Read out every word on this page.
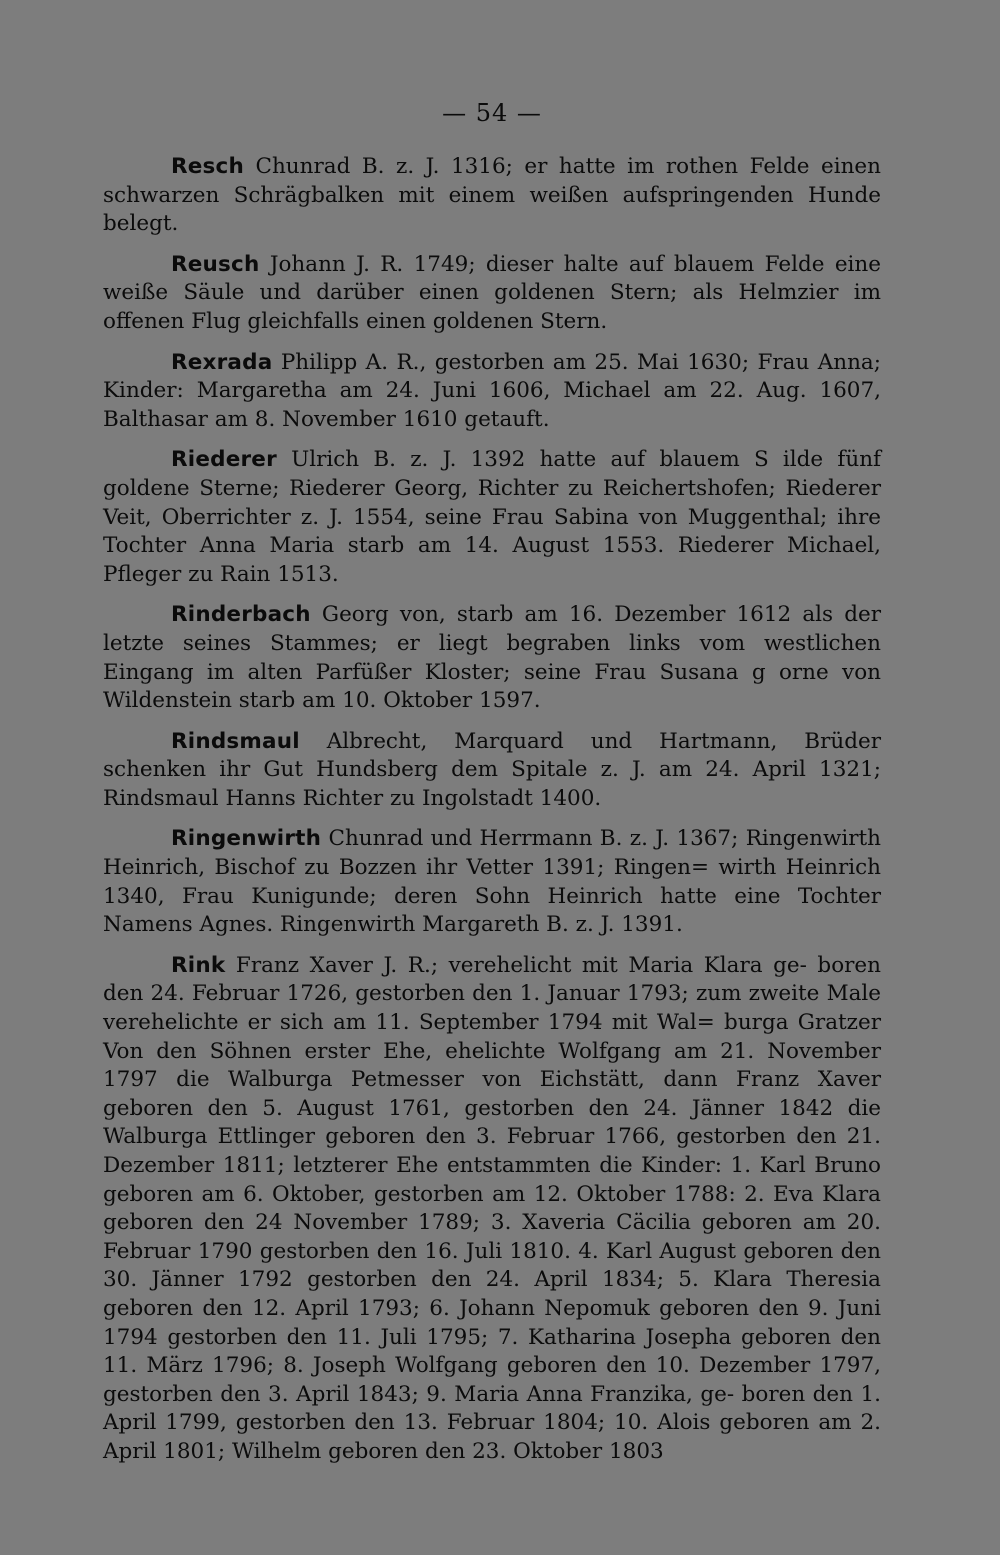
— 54 —

Resch Chunrad B. z. J. 1316; er hatte im rothen Felde einen schwarzen Schrägbalken mit einem weißen aufspringenden Hunde belegt.

Reusch Johann J. R. 1749; dieser halte auf blauem Felde eine weiße Säule und darüber einen goldenen Stern; als Helmzier im offenen Flug gleichfalls einen goldenen Stern.

Rexrada Philipp A. R., gestorben am 25. Mai 1630; Frau Anna; Kinder: Margaretha am 24. Juni 1606, Michael am 22. Aug. 1607, Balthasar am 8. November 1610 getauft.

Riederer Ulrich B. z. J. 1392 hatte auf blauem S ilde fünf goldene Sterne; Riederer Georg, Richter zu Reichertshofen; Riederer Veit, Oberrichter z. J. 1554, seine Frau Sabina von Muggenthal; ihre Tochter Anna Maria starb am 14. August 1553. Riederer Michael, Pfleger zu Rain 1513.

Rinderbach Georg von, starb am 16. Dezember 1612 als der letzte seines Stammes; er liegt begraben links vom westlichen Eingang im alten Parfüßer Kloster; seine Frau Susana g orne von Wildenstein starb am 10. Oktober 1597.

Rindsmaul Albrecht, Marquard und Hartmann, Brüder schenken ihr Gut Hundsberg dem Spitale z. J. am 24. April 1321; Rindsmaul Hanns Richter zu Ingolstadt 1400.

Ringenwirth Chunrad und Herrmann B. z. J. 1367; Ringenwirth Heinrich, Bischof zu Bozzen ihr Vetter 1391; Ringen= wirth Heinrich 1340, Frau Kunigunde; deren Sohn Heinrich hatte eine Tochter Namens Agnes. Ringenwirth Margareth B. z. J. 1391.

Rink Franz Xaver J. R.; verehelicht mit Maria Klara ge- boren den 24. Februar 1726, gestorben den 1. Januar 1793; zum zweite Male verehelichte er sich am 11. September 1794 mit Wal= burga Gratzer Von den Söhnen erster Ehe, ehelichte Wolfgang am 21. November 1797 die Walburga Petmesser von Eichstätt, dann Franz Xaver geboren den 5. August 1761, gestorben den 24. Jänner 1842 die Walburga Ettlinger geboren den 3. Februar 1766, gestorben den 21. Dezember 1811; letzterer Ehe entstammten die Kinder: 1. Karl Bruno geboren am 6. Oktober, gestorben am 12. Oktober 1788: 2. Eva Klara geboren den 24 November 1789; 3. Xaveria Cäcilia geboren am 20. Februar 1790 gestorben den 16. Juli 1810. 4. Karl August geboren den 30. Jänner 1792 gestorben den 24. April 1834; 5. Klara Theresia geboren den 12. April 1793; 6. Johann Nepomuk geboren den 9. Juni 1794 gestorben den 11. Juli 1795; 7. Katharina Josepha geboren den 11. März 1796; 8. Joseph Wolfgang geboren den 10. Dezember 1797, gestorben den 3. April 1843; 9. Maria Anna Franzika, ge- boren den 1. April 1799, gestorben den 13. Februar 1804; 10. Alois geboren am 2. April 1801; Wilhelm geboren den 23. Oktober 1803
